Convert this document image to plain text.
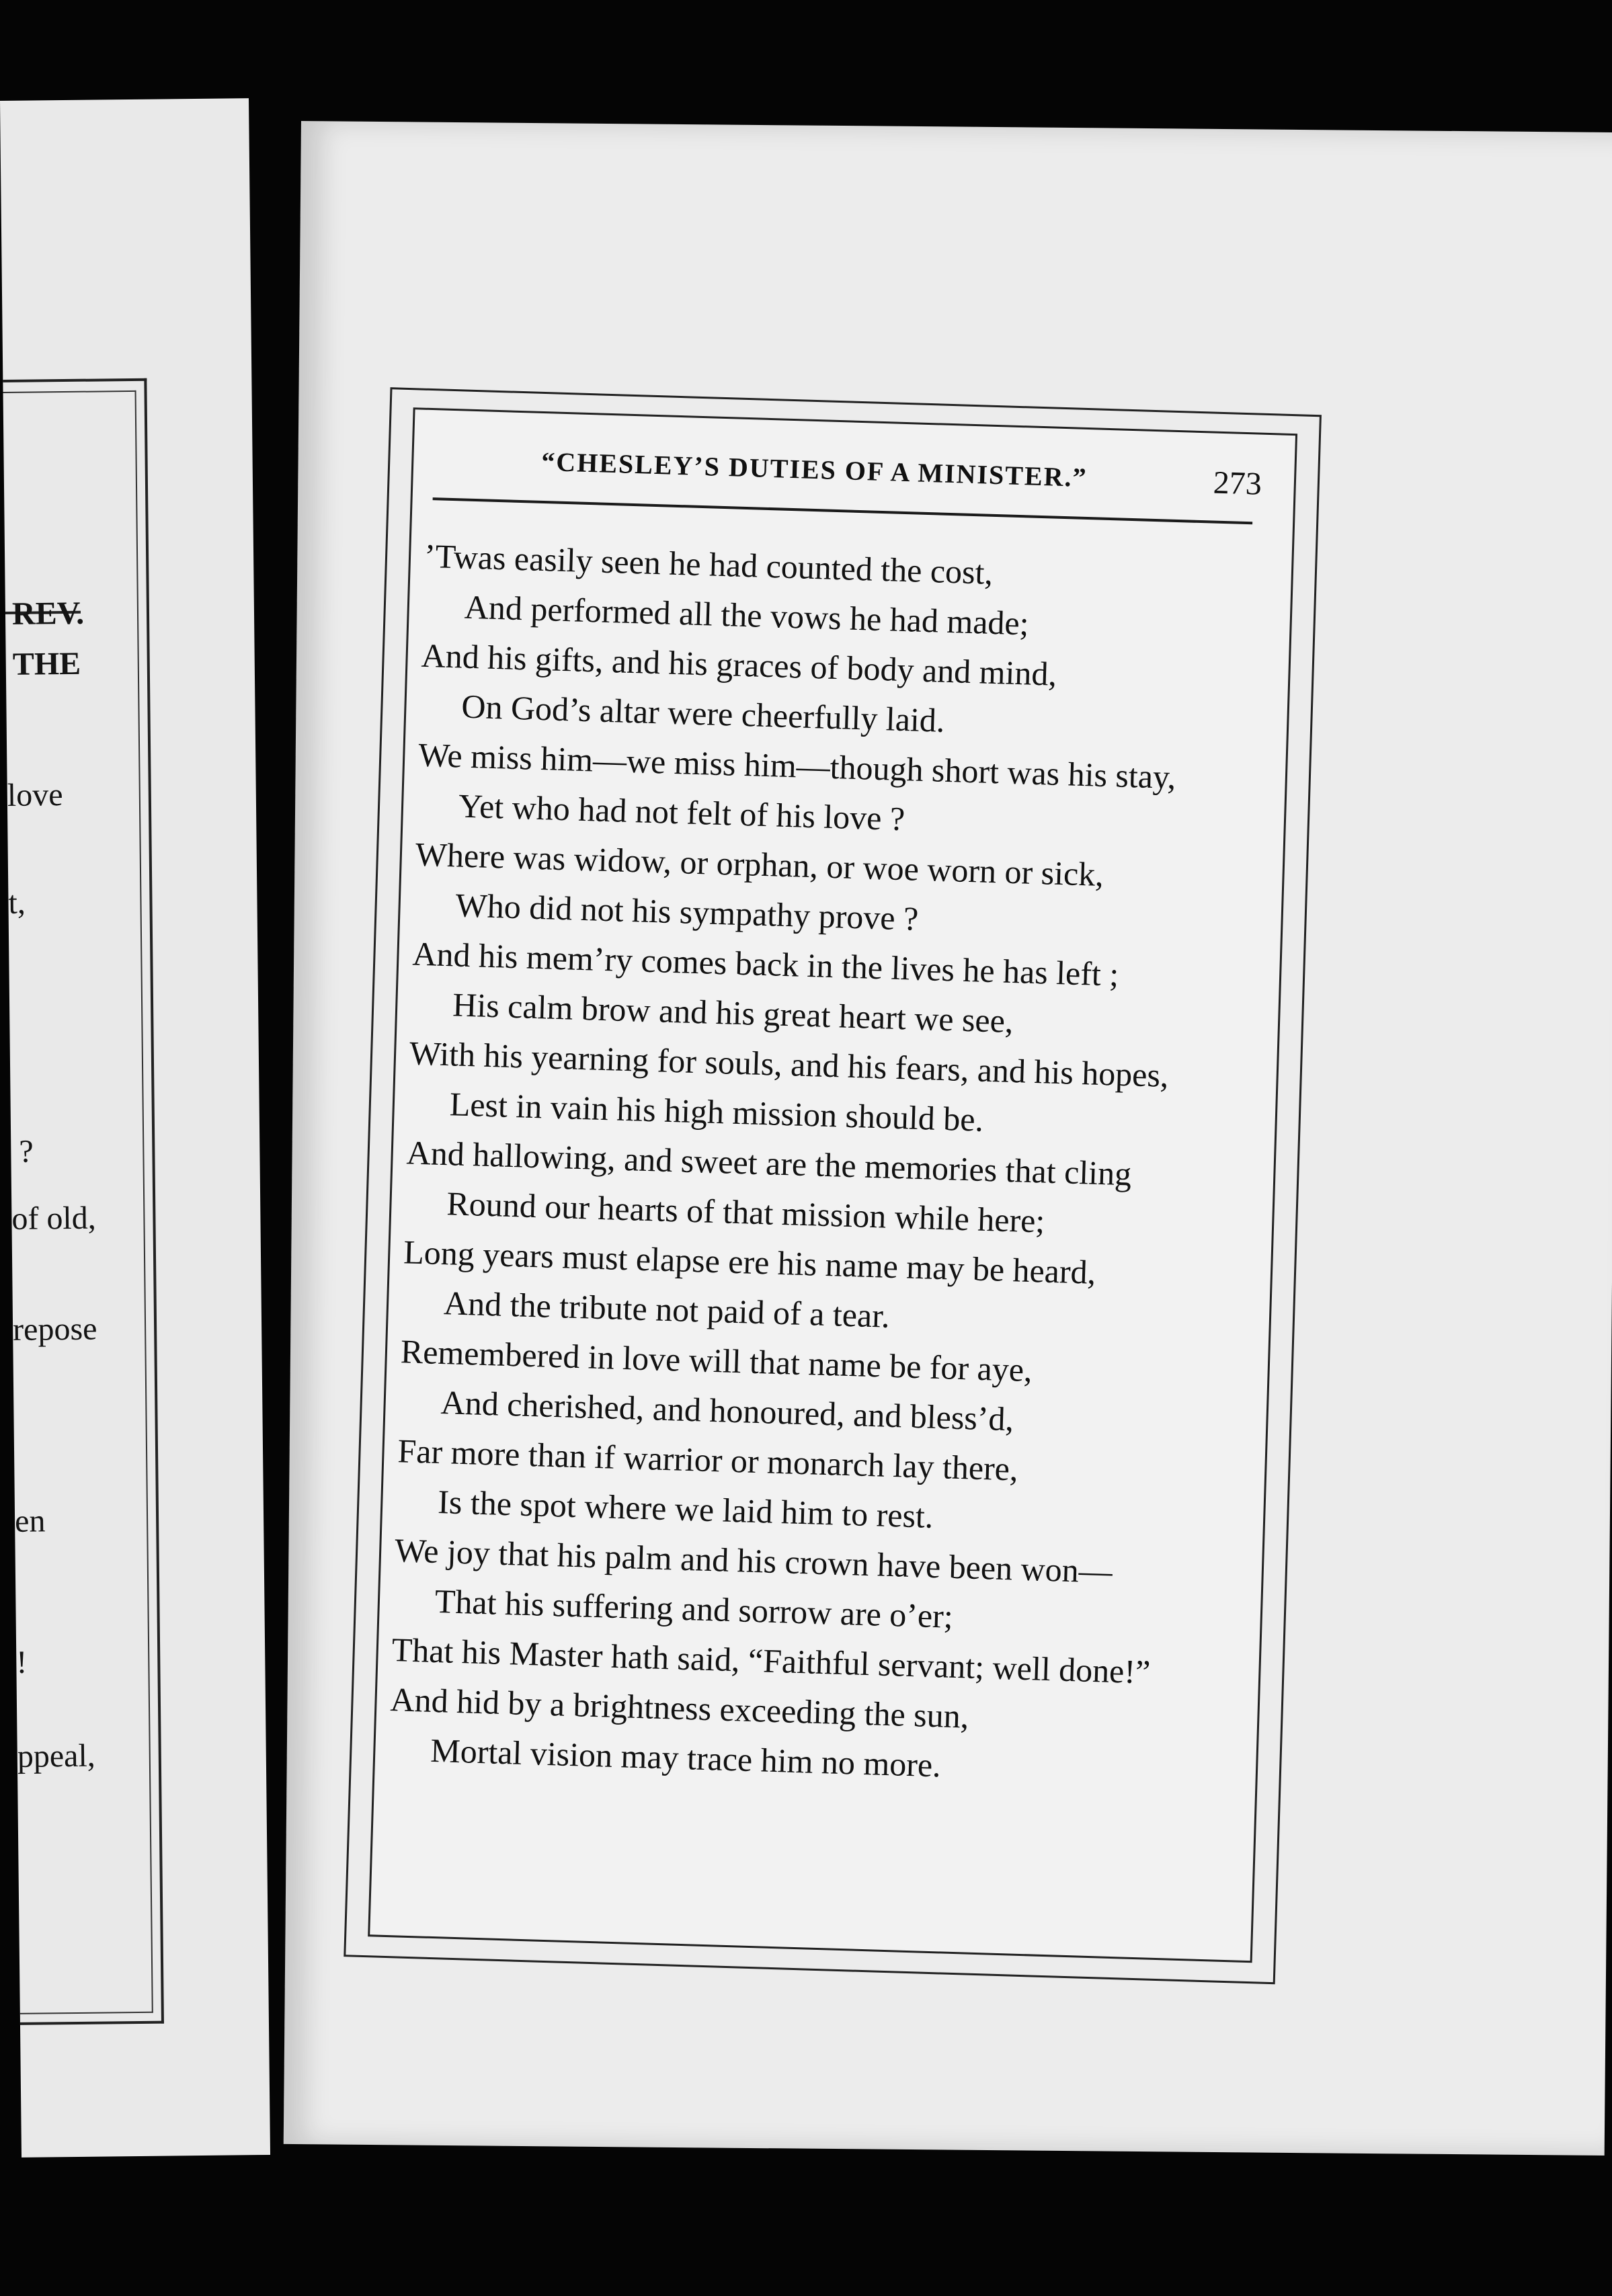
REV.
THE
love
t,
?
of old,
repose
en
!
ppeal,
“CHESLEY’S DUTIES OF A MINISTER.”	273
’Twas easily seen he had counted the cost,
And performed all the vows he had made;
And his gifts, and his graces of body and mind,
On God’s altar were cheerfully laid.
We miss him—we miss him—though short was his stay,
Yet who had not felt of his love ?
Where was widow, or orphan, or woe worn or sick,
Who did not his sympathy prove ?
And his mem’ry comes back in the lives he has left ;
His calm brow and his great heart we see,
With his yearning for souls, and his fears, and his hopes,
Lest in vain his high mission should be.
And hallowing, and sweet are the memories that cling
Round our hearts of that mission while here;
Long years must elapse ere his name may be heard,
And the tribute not paid of a tear.
Remembered in love will that name be for aye,
And cherished, and honoured, and bless’d,
Far more than if warrior or monarch lay there,
Is the spot where we laid him to rest.
We joy that his palm and his crown have been won—
That his suffering and sorrow are o’er;
That his Master hath said, “Faithful servant; well done!”
And hid by a brightness exceeding the sun,
Mortal vision may trace him no more.
